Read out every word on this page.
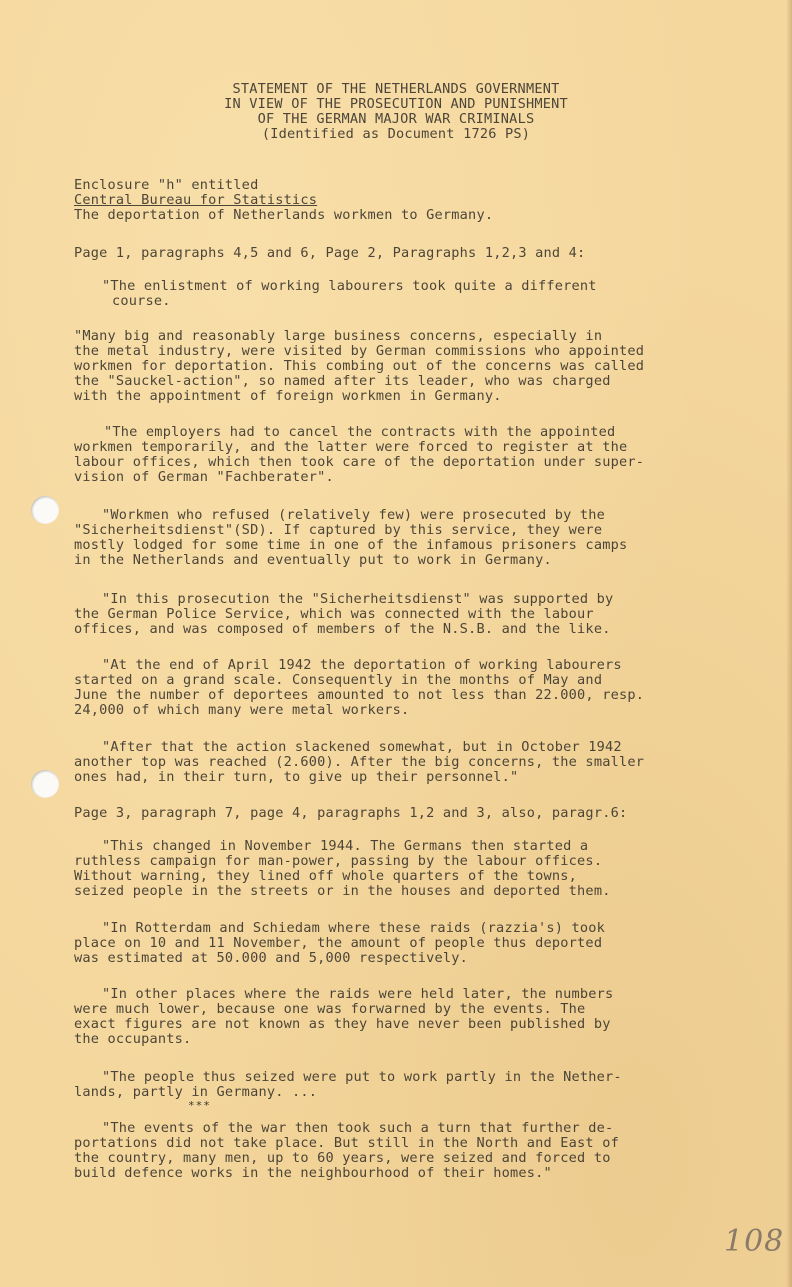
STATEMENT OF THE NETHERLANDS GOVERNMENT
IN VIEW OF THE PROSECUTION AND PUNISHMENT
OF THE GERMAN MAJOR WAR CRIMINALS
(Identified as Document 1726 PS)
Enclosure "h" entitled
Central Bureau for Statistics
The deportation of Netherlands workmen to Germany.
Page 1, paragraphs 4,5 and 6, Page 2, Paragraphs 1,2,3 and 4:
"The enlistment of working labourers took quite a different
course.
"Many big and reasonably large business concerns, especially in
the metal industry, were visited by German commissions who appointed
workmen for deportation. This combing out of the concerns was called
the "Sauckel-action", so named after its leader, who was charged
with the appointment of foreign workmen in Germany.
"The employers had to cancel the contracts with the appointed
workmen temporarily, and the latter were forced to register at the
labour offices, which then took care of the deportation under super-
vision of German "Fachberater".
"Workmen who refused (relatively few) were prosecuted by the
"Sicherheitsdienst"(SD). If captured by this service, they were
mostly lodged for some time in one of the infamous prisoners camps
in the Netherlands and eventually put to work in Germany.
"In this prosecution the "Sicherheitsdienst" was supported by
the German Police Service, which was connected with the labour
offices, and was composed of members of the N.S.B. and the like.
"At the end of April 1942 the deportation of working labourers
started on a grand scale. Consequently in the months of May and
June the number of deportees amounted to not less than 22.000, resp.
24,000 of which many were metal workers.
"After that the action slackened somewhat, but in October 1942
another top was reached (2.600). After the big concerns, the smaller
ones had, in their turn, to give up their personnel."
Page 3, paragraph 7, page 4, paragraphs 1,2 and 3, also, paragr.6:
"This changed in November 1944. The Germans then started a
ruthless campaign for man-power, passing by the labour offices.
Without warning, they lined off whole quarters of the towns,
seized people in the streets or in the houses and deported them.
"In Rotterdam and Schiedam where these raids (razzia's) took
place on 10 and 11 November, the amount of people thus deported
was estimated at 50.000 and 5,000 respectively.
"In other places where the raids were held later, the numbers
were much lower, because one was forwarned by the events. The
exact figures are not known as they have never been published by
the occupants.
"The people thus seized were put to work partly in the Nether-
lands, partly in Germany. ...
***
"The events of the war then took such a turn that further de-
portations did not take place. But still in the North and East of
the country, many men, up to 60 years, were seized and forced to
build defence works in the neighbourhood of their homes."
108
